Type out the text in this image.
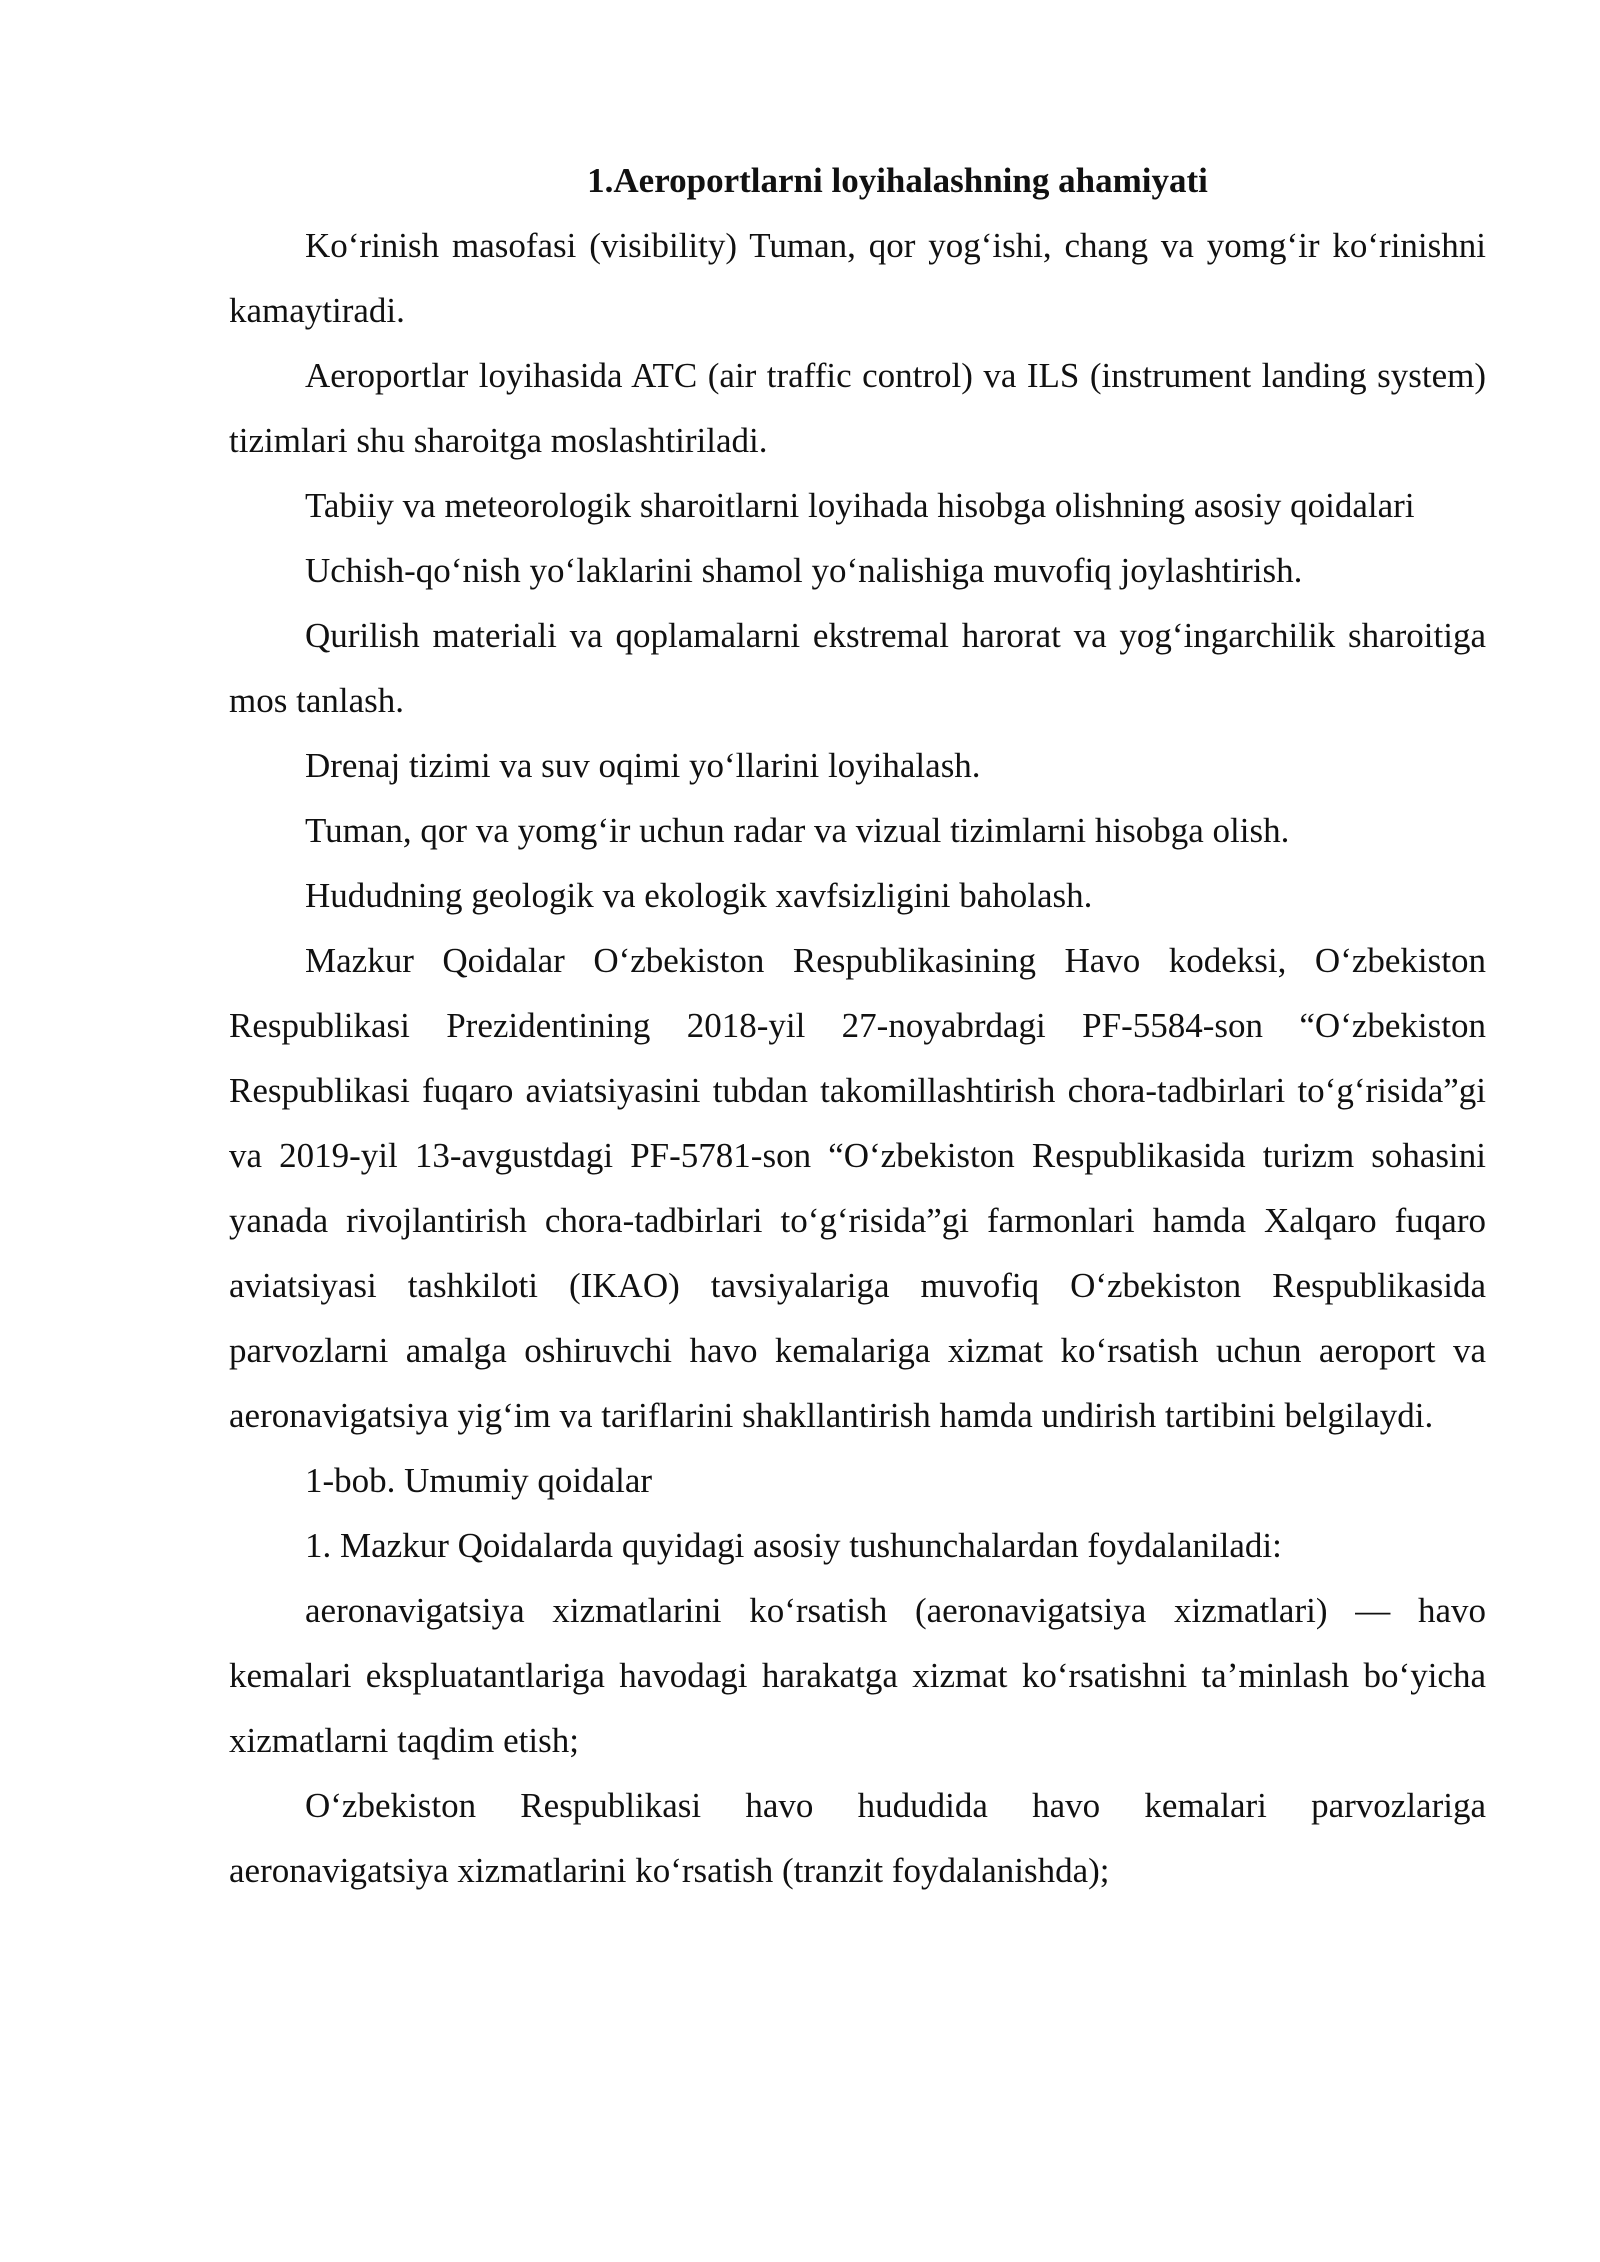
1.Aeroportlarni loyihalashning ahamiyati

Koʻrinish masofasi (visibility) Tuman, qor yogʻishi, chang va yomgʻir koʻrinishni kamaytiradi.

Aeroportlar loyihasida ATC (air traffic control) va ILS (instrument landing system) tizimlari shu sharoitga moslashtiriladi.

Tabiiy va meteorologik sharoitlarni loyihada hisobga olishning asosiy qoidalari

Uchish-qoʻnish yoʻlaklarini shamol yoʻnalishiga muvofiq joylashtirish.

Qurilish materiali va qoplamalarni ekstremal harorat va yogʻingarchilik sharoitiga mos tanlash.

Drenaj tizimi va suv oqimi yoʻllarini loyihalash.

Tuman, qor va yomgʻir uchun radar va vizual tizimlarni hisobga olish.

Hududning geologik va ekologik xavfsizligini baholash.

Mazkur Qoidalar Oʻzbekiston Respublikasining Havo kodeksi, Oʻzbekiston Respublikasi Prezidentining 2018-yil 27-noyabrdagi PF-5584-son “Oʻzbekiston Respublikasi fuqaro aviatsiyasini tubdan takomillashtirish chora-tadbirlari toʻgʻrisida”gi va 2019-yil 13-avgustdagi PF-5781-son “Oʻzbekiston Respublikasida turizm sohasini yanada rivojlantirish chora-tadbirlari toʻgʻrisida”gi farmonlari hamda Xalqaro fuqaro aviatsiyasi tashkiloti (IKAO) tavsiyalariga muvofiq Oʻzbekiston Respublikasida parvozlarni amalga oshiruvchi havo kemalariga xizmat koʻrsatish uchun aeroport va aeronavigatsiya yigʻim va tariflarini shakllantirish hamda undirish tartibini belgilaydi.

1-bob. Umumiy qoidalar

1. Mazkur Qoidalarda quyidagi asosiy tushunchalardan foydalaniladi:

aeronavigatsiya xizmatlarini koʻrsatish (aeronavigatsiya xizmatlari) — havo kemalari ekspluatantlariga havodagi harakatga xizmat koʻrsatishni taʼminlash boʻyicha xizmatlarni taqdim etish;

Oʻzbekiston Respublikasi havo hududida havo kemalari parvozlariga aeronavigatsiya xizmatlarini koʻrsatish (tranzit foydalanishda);
